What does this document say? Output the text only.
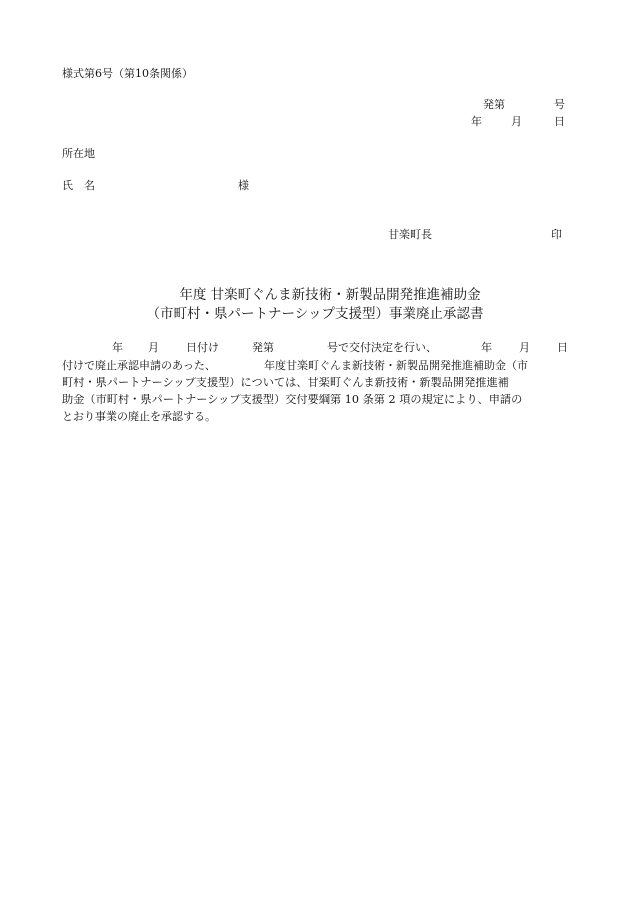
様式第6号（第10条関係）
発第	号
年	月	日
所在地
氏　名	様
甘楽町長	印
年度 甘楽町ぐんま新技術・新製品開発推進補助金
（市町村・県パートナーシップ支援型）事業廃止承認書
年 月 日付け	発第	号で交付決定を行い、	年 月 日
付けで廃止承認申請のあった、	年度甘楽町ぐんま新技術・新製品開発推進補助金（市
町村・県パートナーシップ支援型）については、甘楽町ぐんま新技術・新製品開発推進補
助金（市町村・県パートナーシップ支援型）交付要綱第 10 条第 2 項の規定により、申請の
とおり事業の廃止を承認する。
